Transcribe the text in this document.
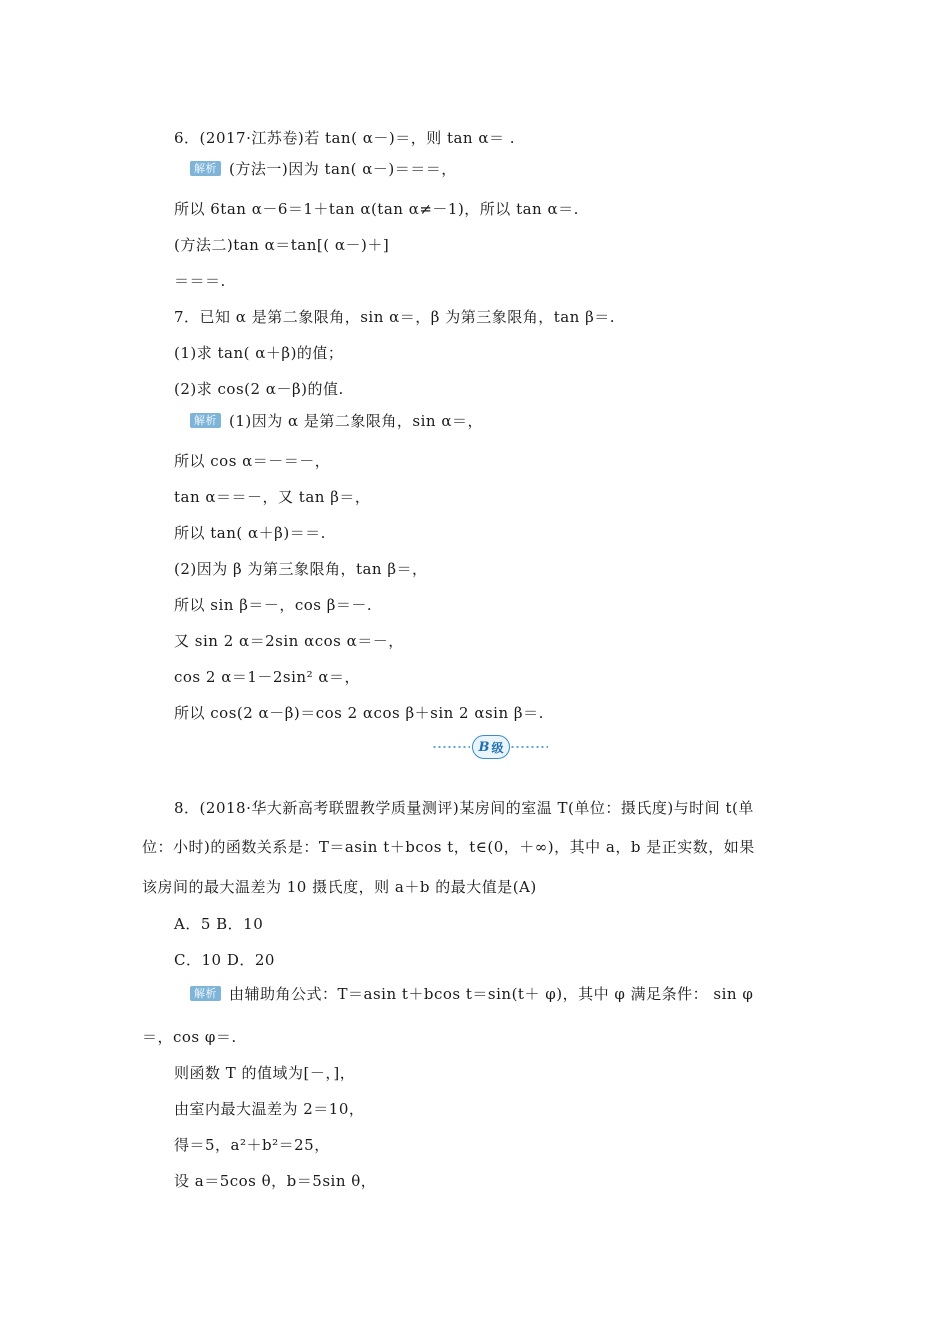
6．(2017·江苏卷)若 tan( α－)＝，则 tan α＝ .
解析 (方法一)因为 tan( α－)＝＝＝，
所以 6tan α－6＝1＋tan α(tan α≠－1)，所以 tan α＝.
(方法二)tan α＝tan[( α－)＋]
＝＝＝.
7．已知 α 是第二象限角，sin α＝，β 为第三象限角，tan β＝.
(1)求 tan( α＋β)的值；
(2)求 cos(2 α－β)的值.
解析 (1)因为 α 是第二象限角，sin α＝，
所以 cos α＝－＝－，
tan α＝＝－，又 tan β＝，
所以 tan( α＋β)＝＝.
(2)因为 β 为第三象限角，tan β＝，
所以 sin β＝－，cos β＝－.
又 sin 2 α＝2sin αcos α＝－，
cos 2 α＝1－2sin² α＝，
所以 cos(2 α－β)＝cos 2 αcos β＋sin 2 αsin β＝.
B 级
8．(2018·华大新高考联盟教学质量测评)某房间的室温 T(单位：摄氏度)与时间 t(单
位：小时)的函数关系是：T＝asin t＋bcos t，t∈(0，＋∞)，其中 a，b 是正实数，如果
该房间的最大温差为 10 摄氏度，则 a＋b 的最大值是(A)
A．5 B．10
C．10 D．20
解析 由辅助角公式：T＝asin t＋bcos t＝sin(t＋ φ)，其中 φ 满足条件： sin φ
＝，cos φ＝.
则函数 T 的值域为[－，]，
由室内最大温差为 2＝10，
得＝5，a²＋b²＝25，
设 a＝5cos θ，b＝5sin θ，
